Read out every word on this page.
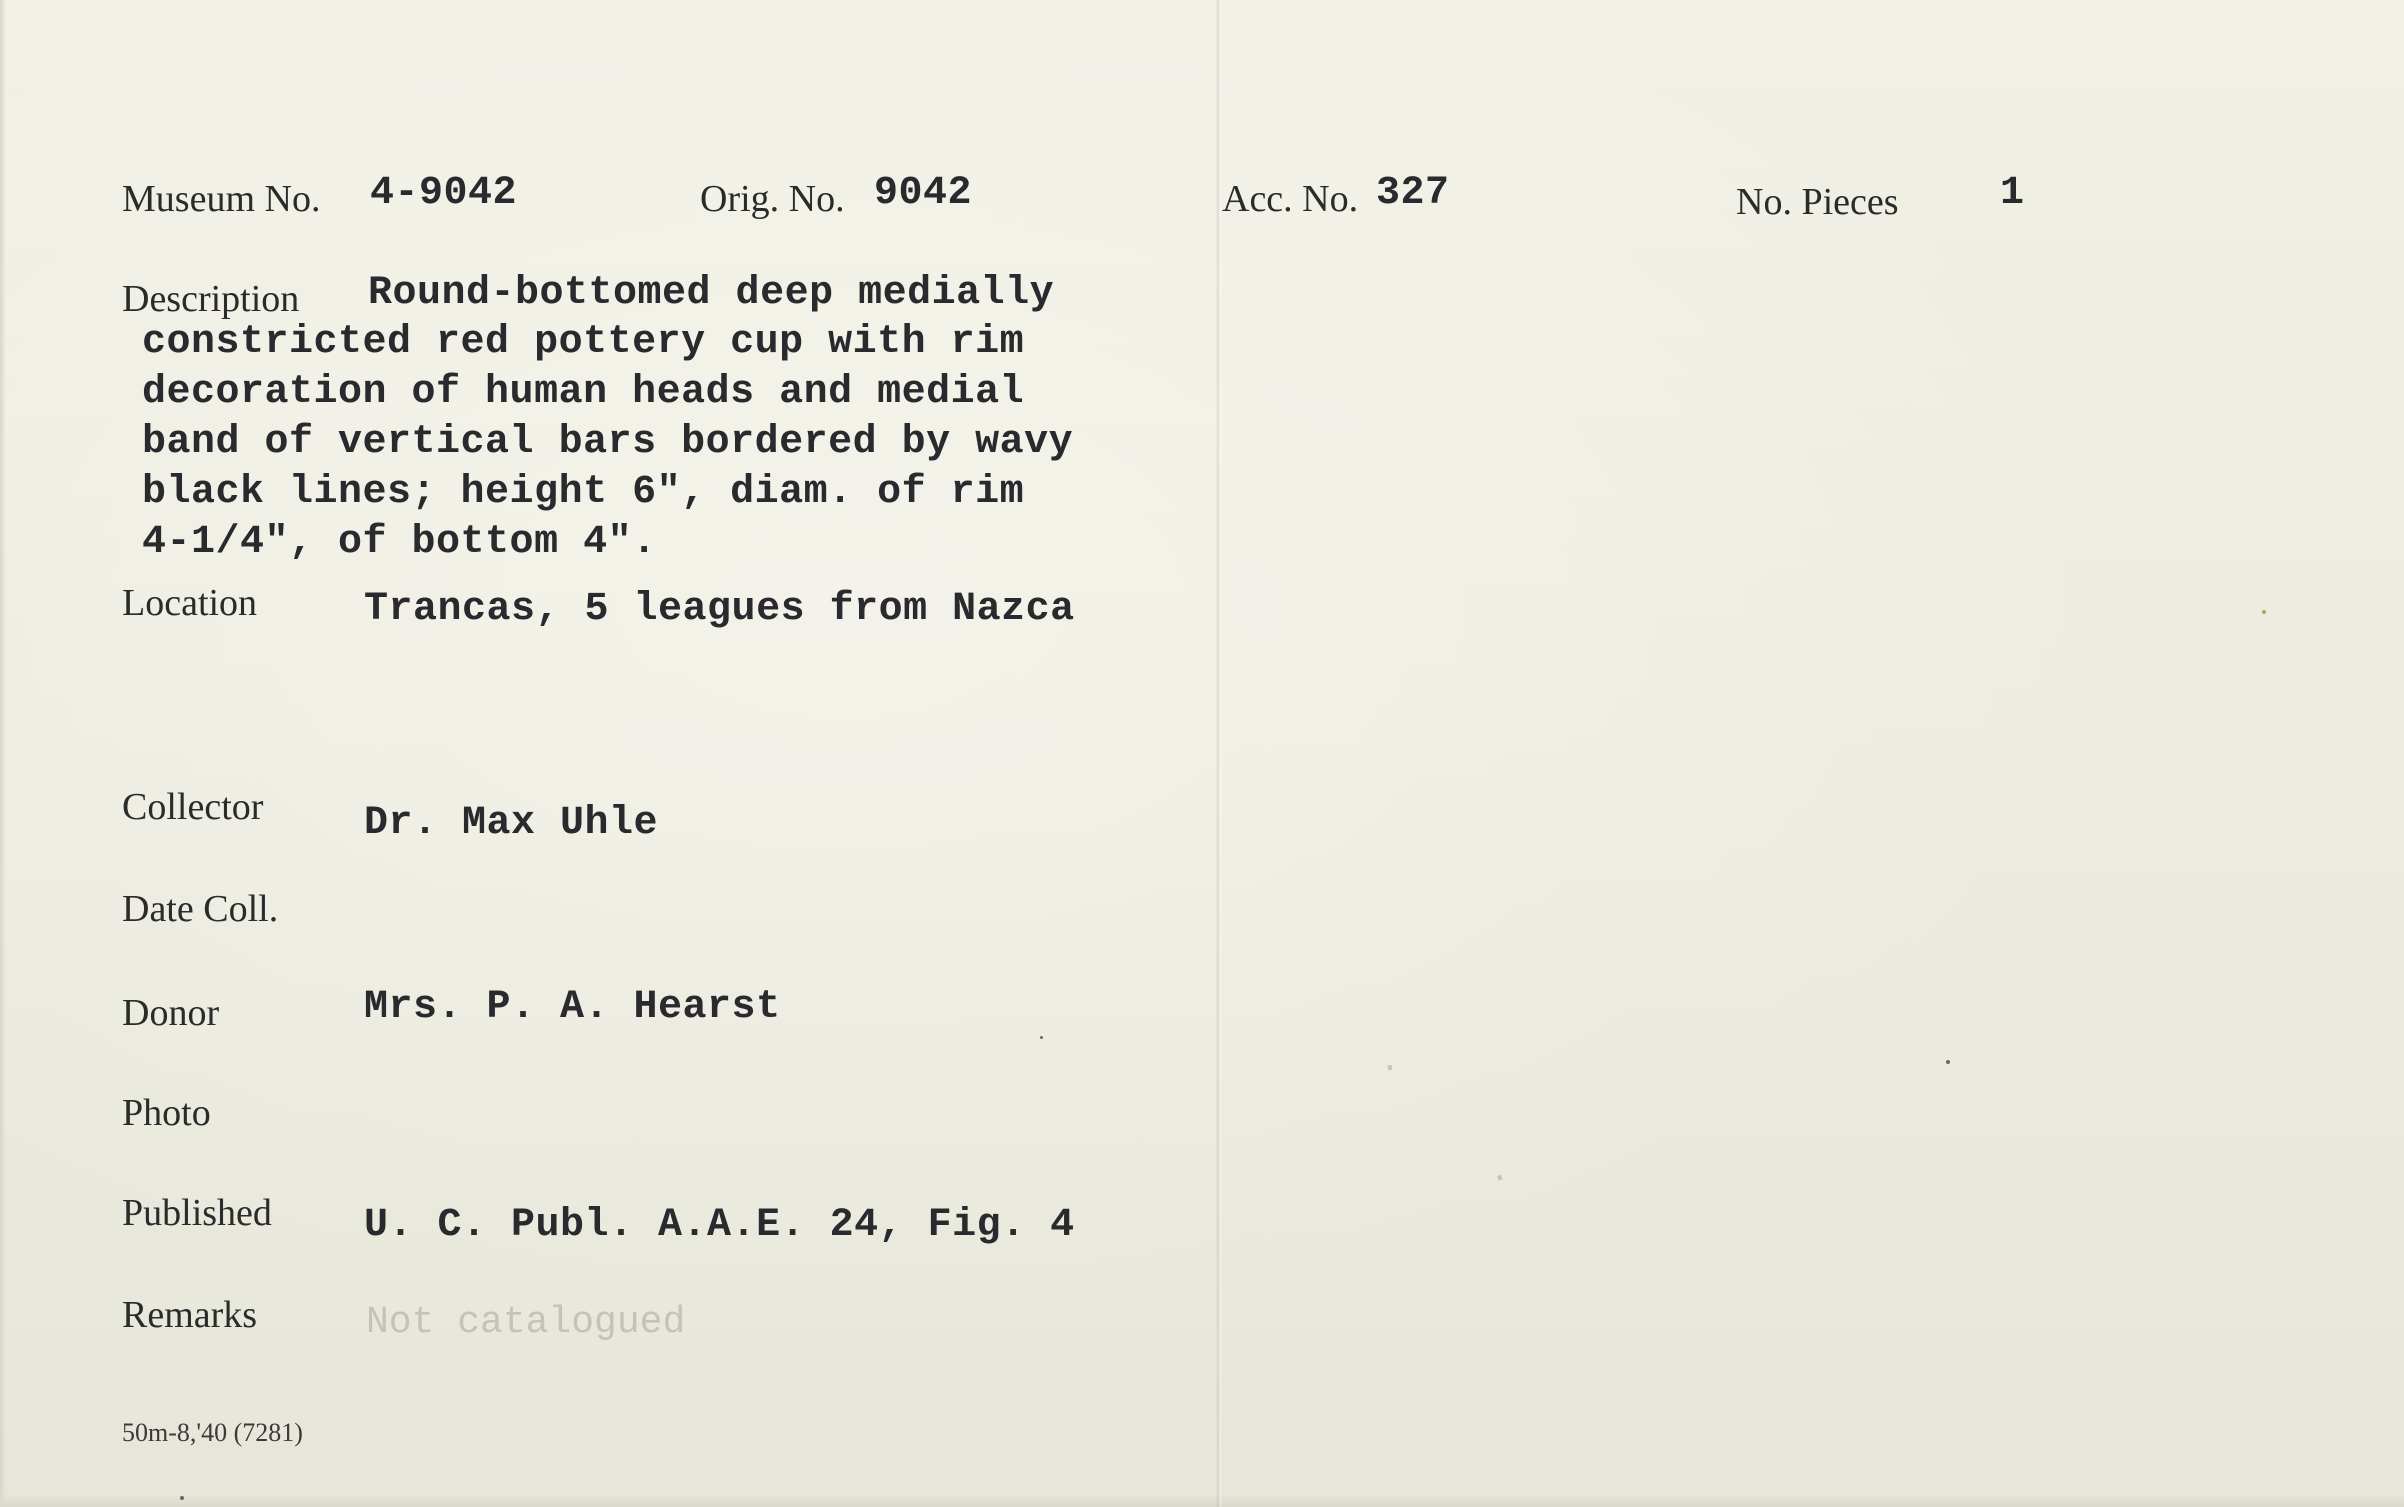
Museum No. 4-9042	Orig. No. 9042	Acc. No. 327	No. Pieces	1
Description Round-bottomed deep medially
constricted red pottery cup with rim
decoration of human heads and medial
band of vertical bars bordered by wavy
black lines; height 6", diam. of rim
4-1/4", of bottom 4".
Location	Trancas, 5 leagues from Nazca
Collector	Dr. Max Uhle
Date Coll.
Donor	Mrs. P. A. Hearst
Photo
Published U. C. Publ. A.A.E. 24, Fig. 4
Remarks	Not catalogued
50m-8,'40 (7281)
·
·
